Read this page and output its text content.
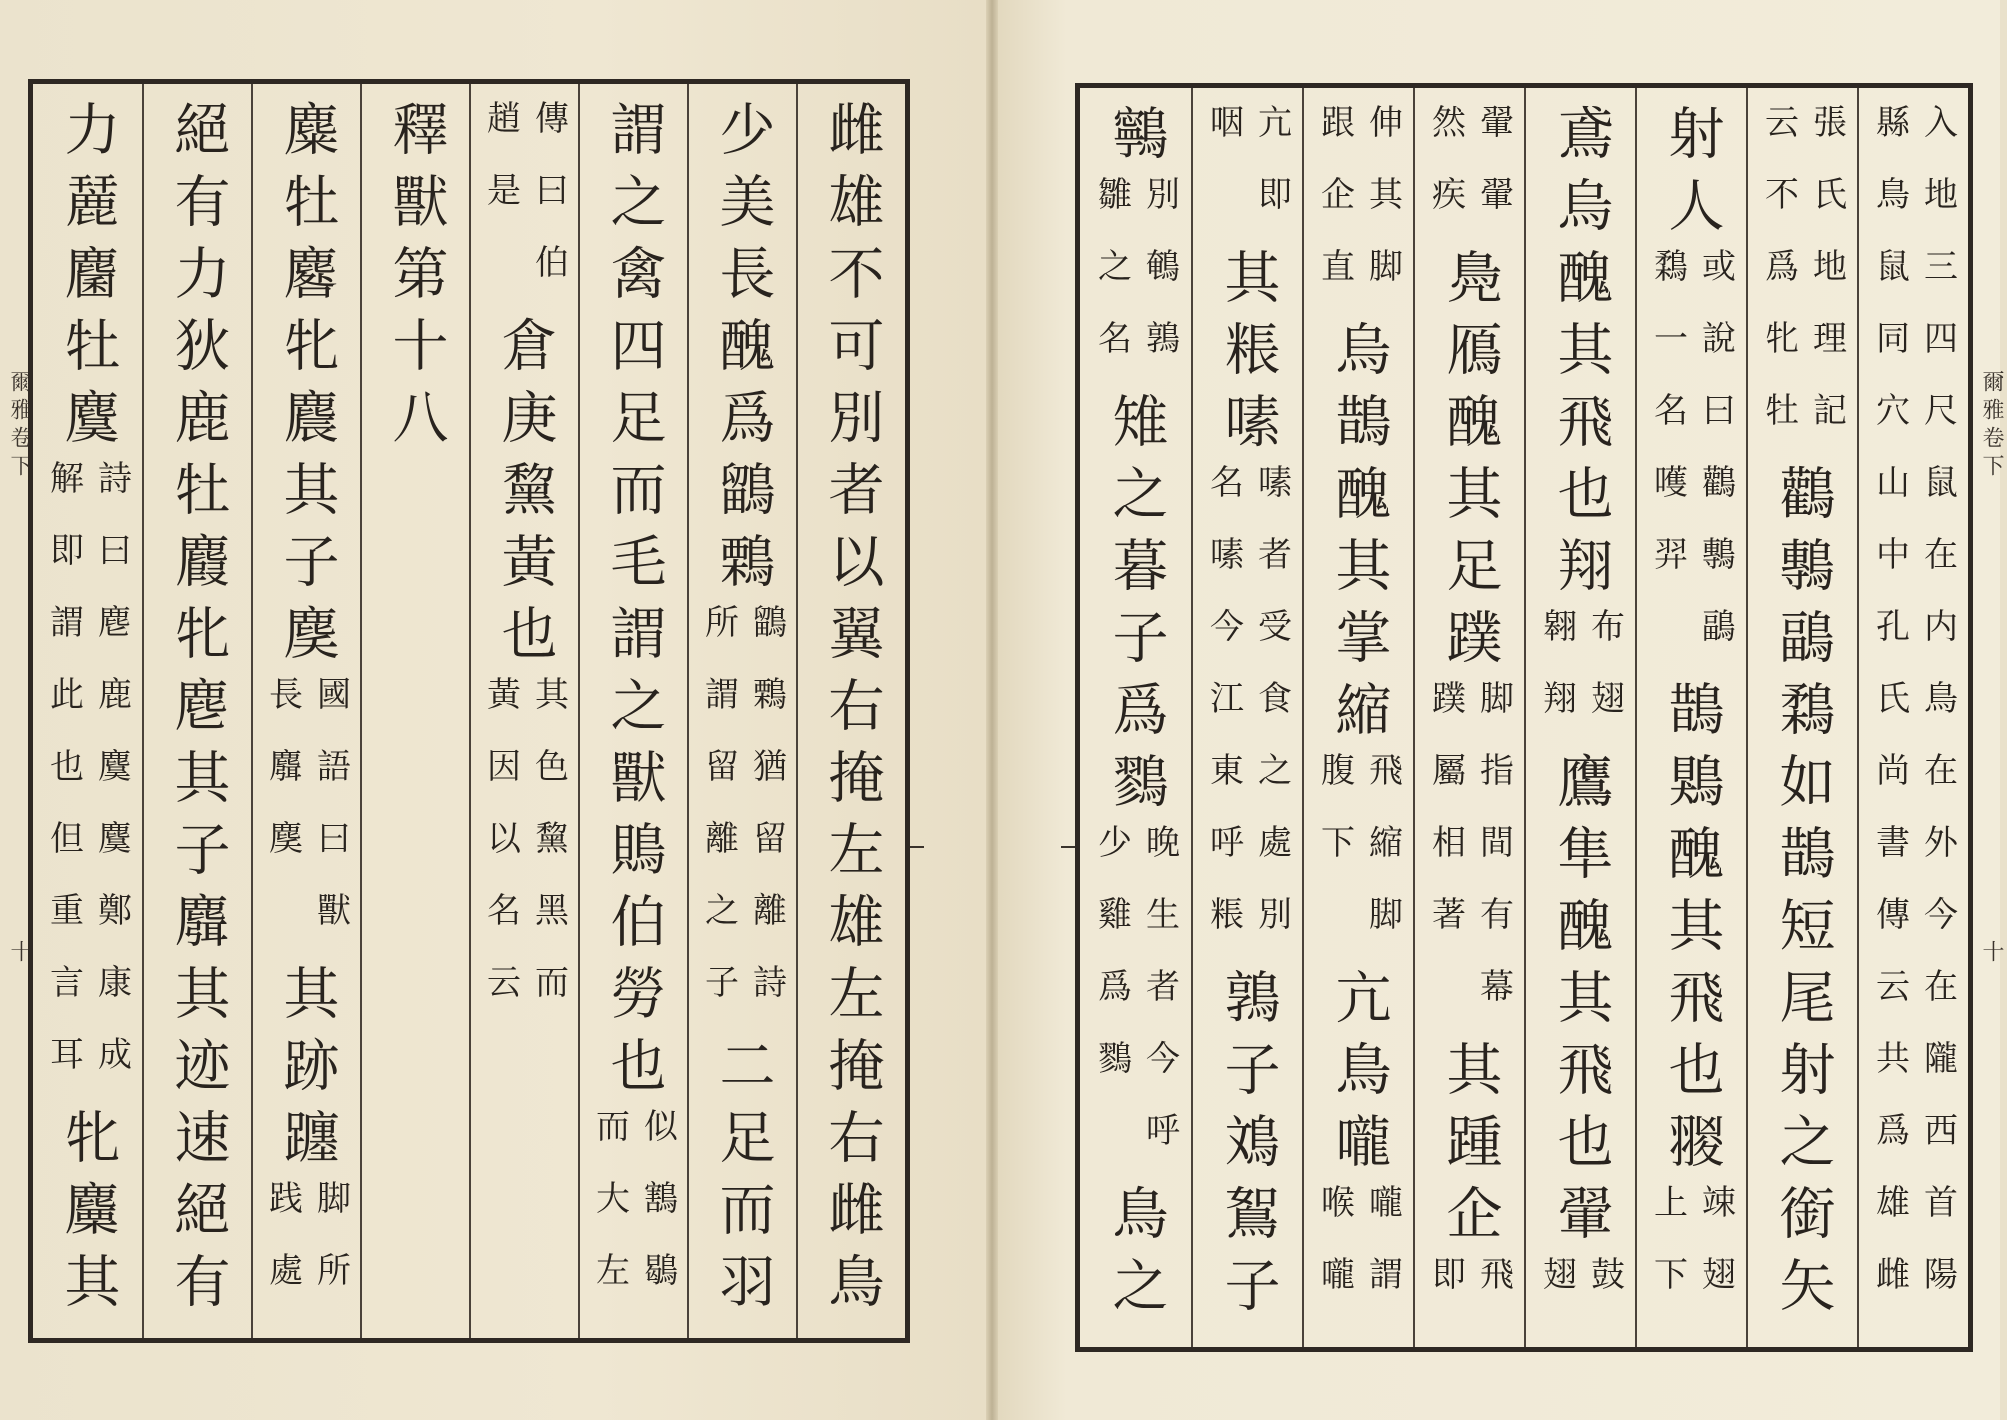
爾雅卷下
十
爾雅卷下
十
雌雄不可別者以翼右掩左雄左掩右雌鳥
少美長醜爲鶹鷅
鶹鷅猶留離詩
所謂留離之子
二足而羽
謂之禽四足而毛謂之獸鵙伯勞也
似鶷鶡
而大左
傳曰伯
趙是
倉庚黧黃也
其色黧黑而
黃因以名云
釋獸第十八
麋牡麔牝麎其子䴠
國語曰獸
長麛䴠
其跡躔
脚所
践處
絕有力狄鹿牡麚牝麀其子麛其迹速絕有
力麉麕牡麌
詩曰麀鹿麌麌鄭康成
解即謂此也但重言耳
牝麜其	入地三四尺鼠在内鳥在外今在隴西首陽
縣鳥鼠同穴山中孔氏尚書傳云共爲雄雌
張氏地理記
云不爲牝牡
鸛鷒鶝鶔如鵲短尾射之銜矢
射人
或說曰鸛鷒鶝
鶔一名嚄羿
鵲鶪醜其飛也翪
竦翅
上下
鳶烏醜其飛也翔
布翅
翱翔
鷹隼醜其飛也翬
鼓
翅
翬翬
然疾
鳧鴈醜其足蹼
脚指間有幕
蹼屬相著
其踵企
飛
即
伸其脚
跟企直
烏鵲醜其掌縮
飛縮脚
腹下
亢鳥嚨
嚨謂
喉嚨
亢即
咽
其粻嗉
嗉者受食之處別
名嗉今江東呼粻
鶉子鳼鴽子
鸋
別鵪鶉
雛之名
雉之暮子爲鷚
晚生者今呼
少雞爲鷚
鳥之
